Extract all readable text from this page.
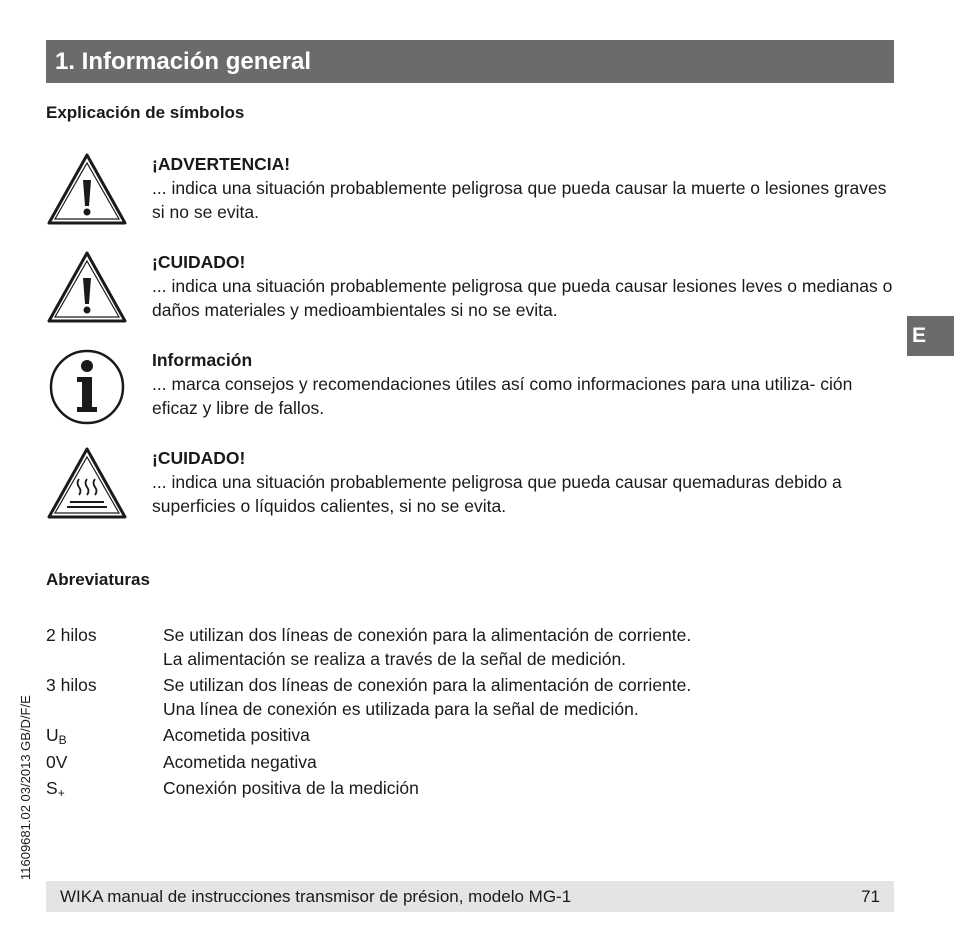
1. Información general
E
Explicación de símbolos
¡ADVERTENCIA!
... indica una situación probablemente peligrosa que pueda causar la muerte o lesiones graves si no se evita.
¡CUIDADO!
... indica una situación probablemente peligrosa que pueda causar lesiones leves o medianas o daños materiales y medioambientales si no se evita.
Información
... marca consejos y recomendaciones útiles así como informaciones para una utiliza- ción eficaz y libre de fallos.
¡CUIDADO!
... indica una situación probablemente peligrosa que pueda causar quemaduras debido a superficies o líquidos calientes, si no se evita.
Abreviaturas
2 hilos	Se utilizan dos líneas de conexión para la alimentación de corriente.
La alimentación se realiza a través de la señal de medición.
3 hilos	Se utilizan dos líneas de conexión para la alimentación de corriente.
Una línea de conexión es utilizada para la señal de medición.
$U_B$	Acometida positiva
0V	Acometida negativa
$S_+$	Conexión positiva de la medición
11609681.02 03/2013 GB/D/F/E
WIKA manual de instrucciones transmisor de présion, modelo MG-1	71
